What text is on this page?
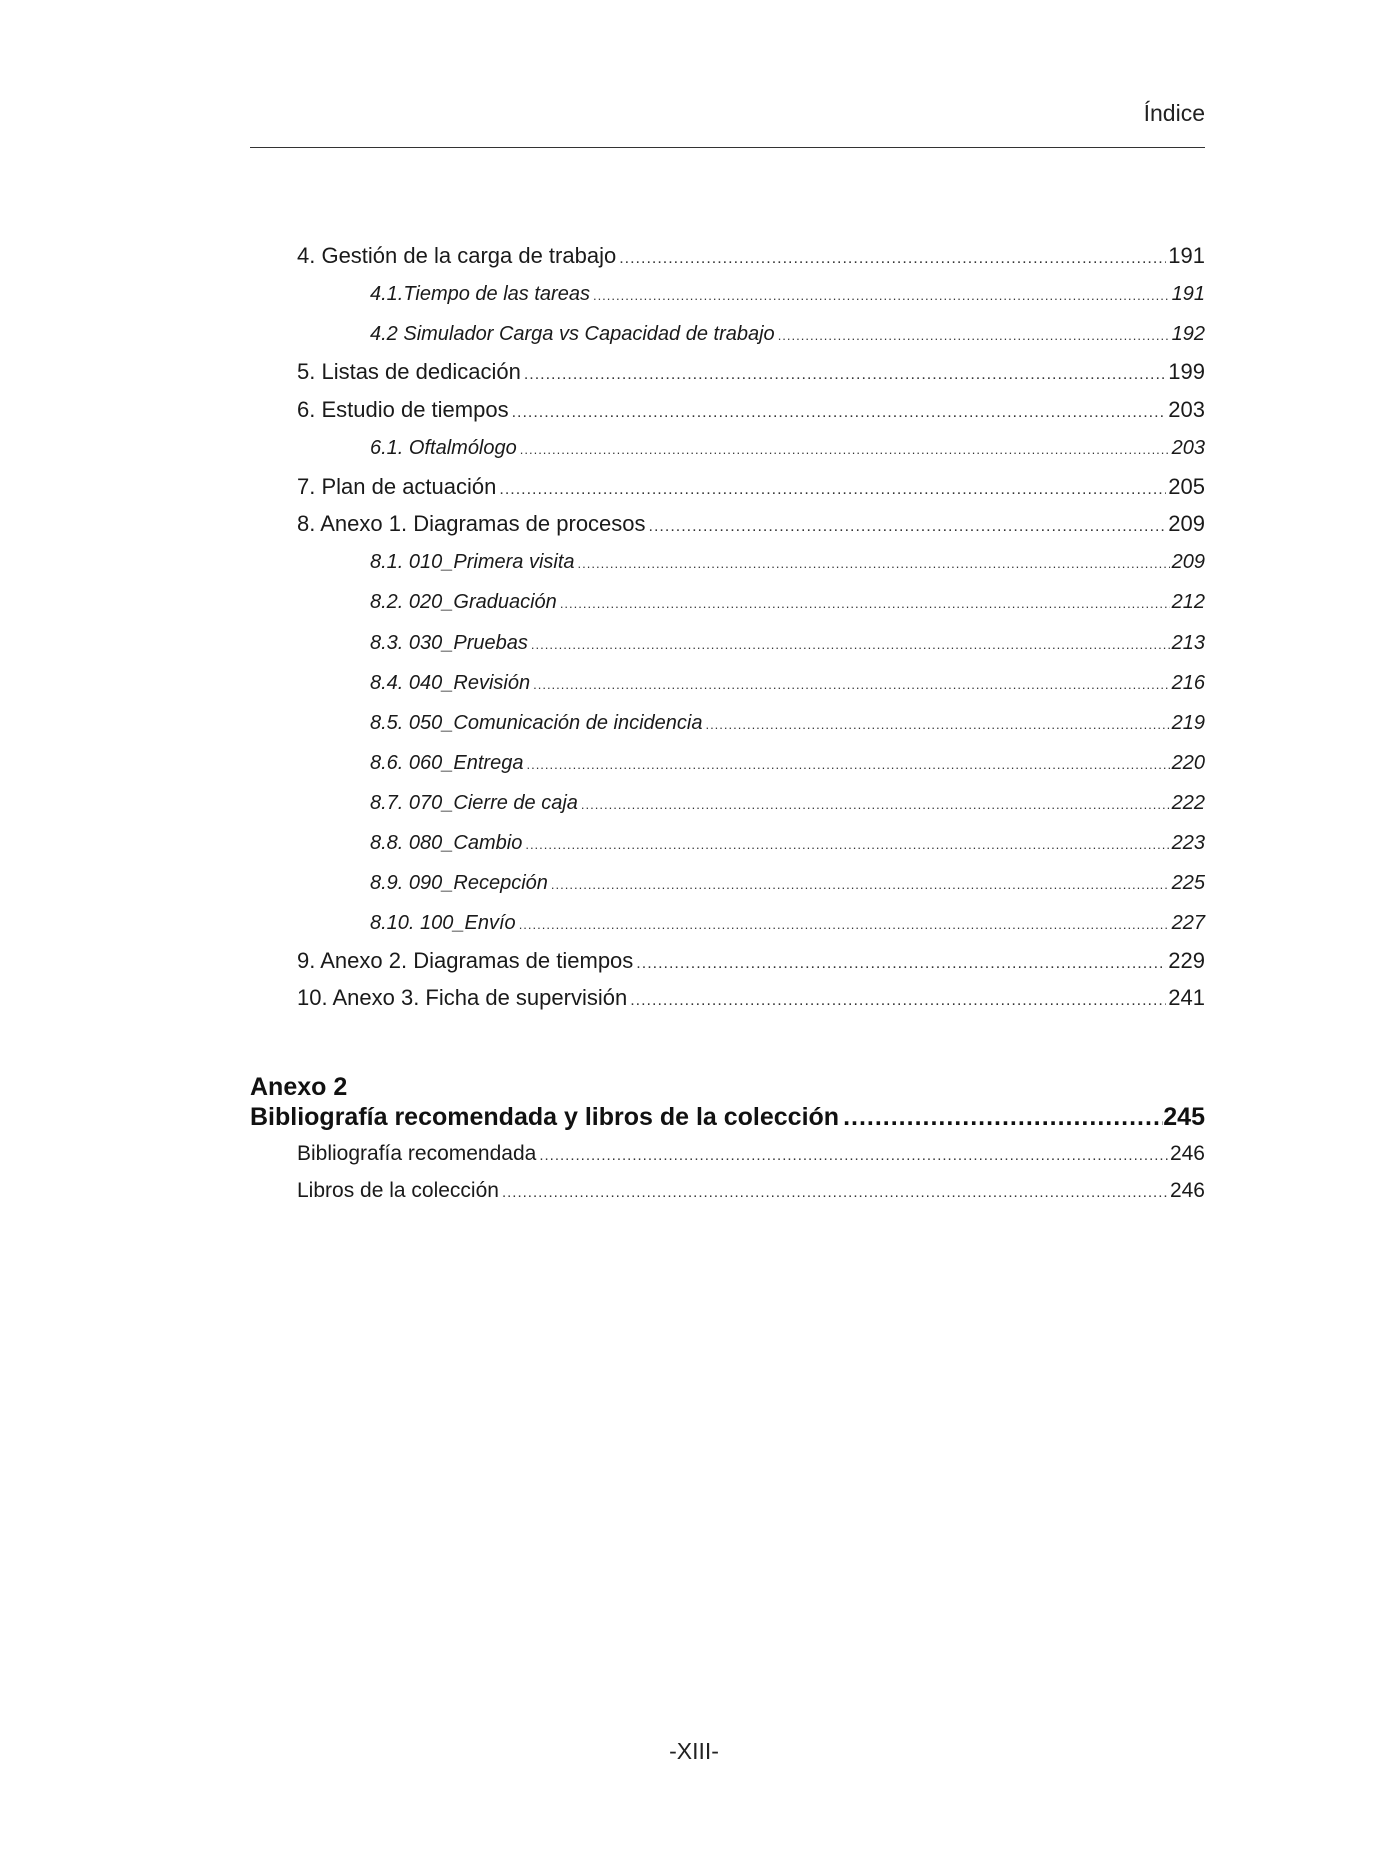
Índice
4. Gestión de la carga de trabajo .....	191
4.1.Tiempo de las tareas .....	191
4.2 Simulador Carga vs Capacidad de trabajo .....	192
5. Listas de dedicación .....	199
6. Estudio de tiempos .....	203
6.1. Oftalmólogo .....	203
7. Plan de actuación .....	205
8. Anexo 1. Diagramas de procesos .....	209
8.1. 010_Primera visita .....	209
8.2. 020_Graduación .....	212
8.3. 030_Pruebas .....	213
8.4. 040_Revisión .....	216
8.5. 050_Comunicación de incidencia .....	219
8.6. 060_Entrega .....	220
8.7. 070_Cierre de caja .....	222
8.8. 080_Cambio .....	223
8.9. 090_Recepción .....	225
8.10. 100_Envío .....	227
9. Anexo 2. Diagramas de tiempos .....	229
10. Anexo 3. Ficha de supervisión .....	241
Anexo 2
Bibliografía recomendada y libros de la colección .....	245
Bibliografía recomendada .....	246
Libros de la colección .....	246
-XIII-
